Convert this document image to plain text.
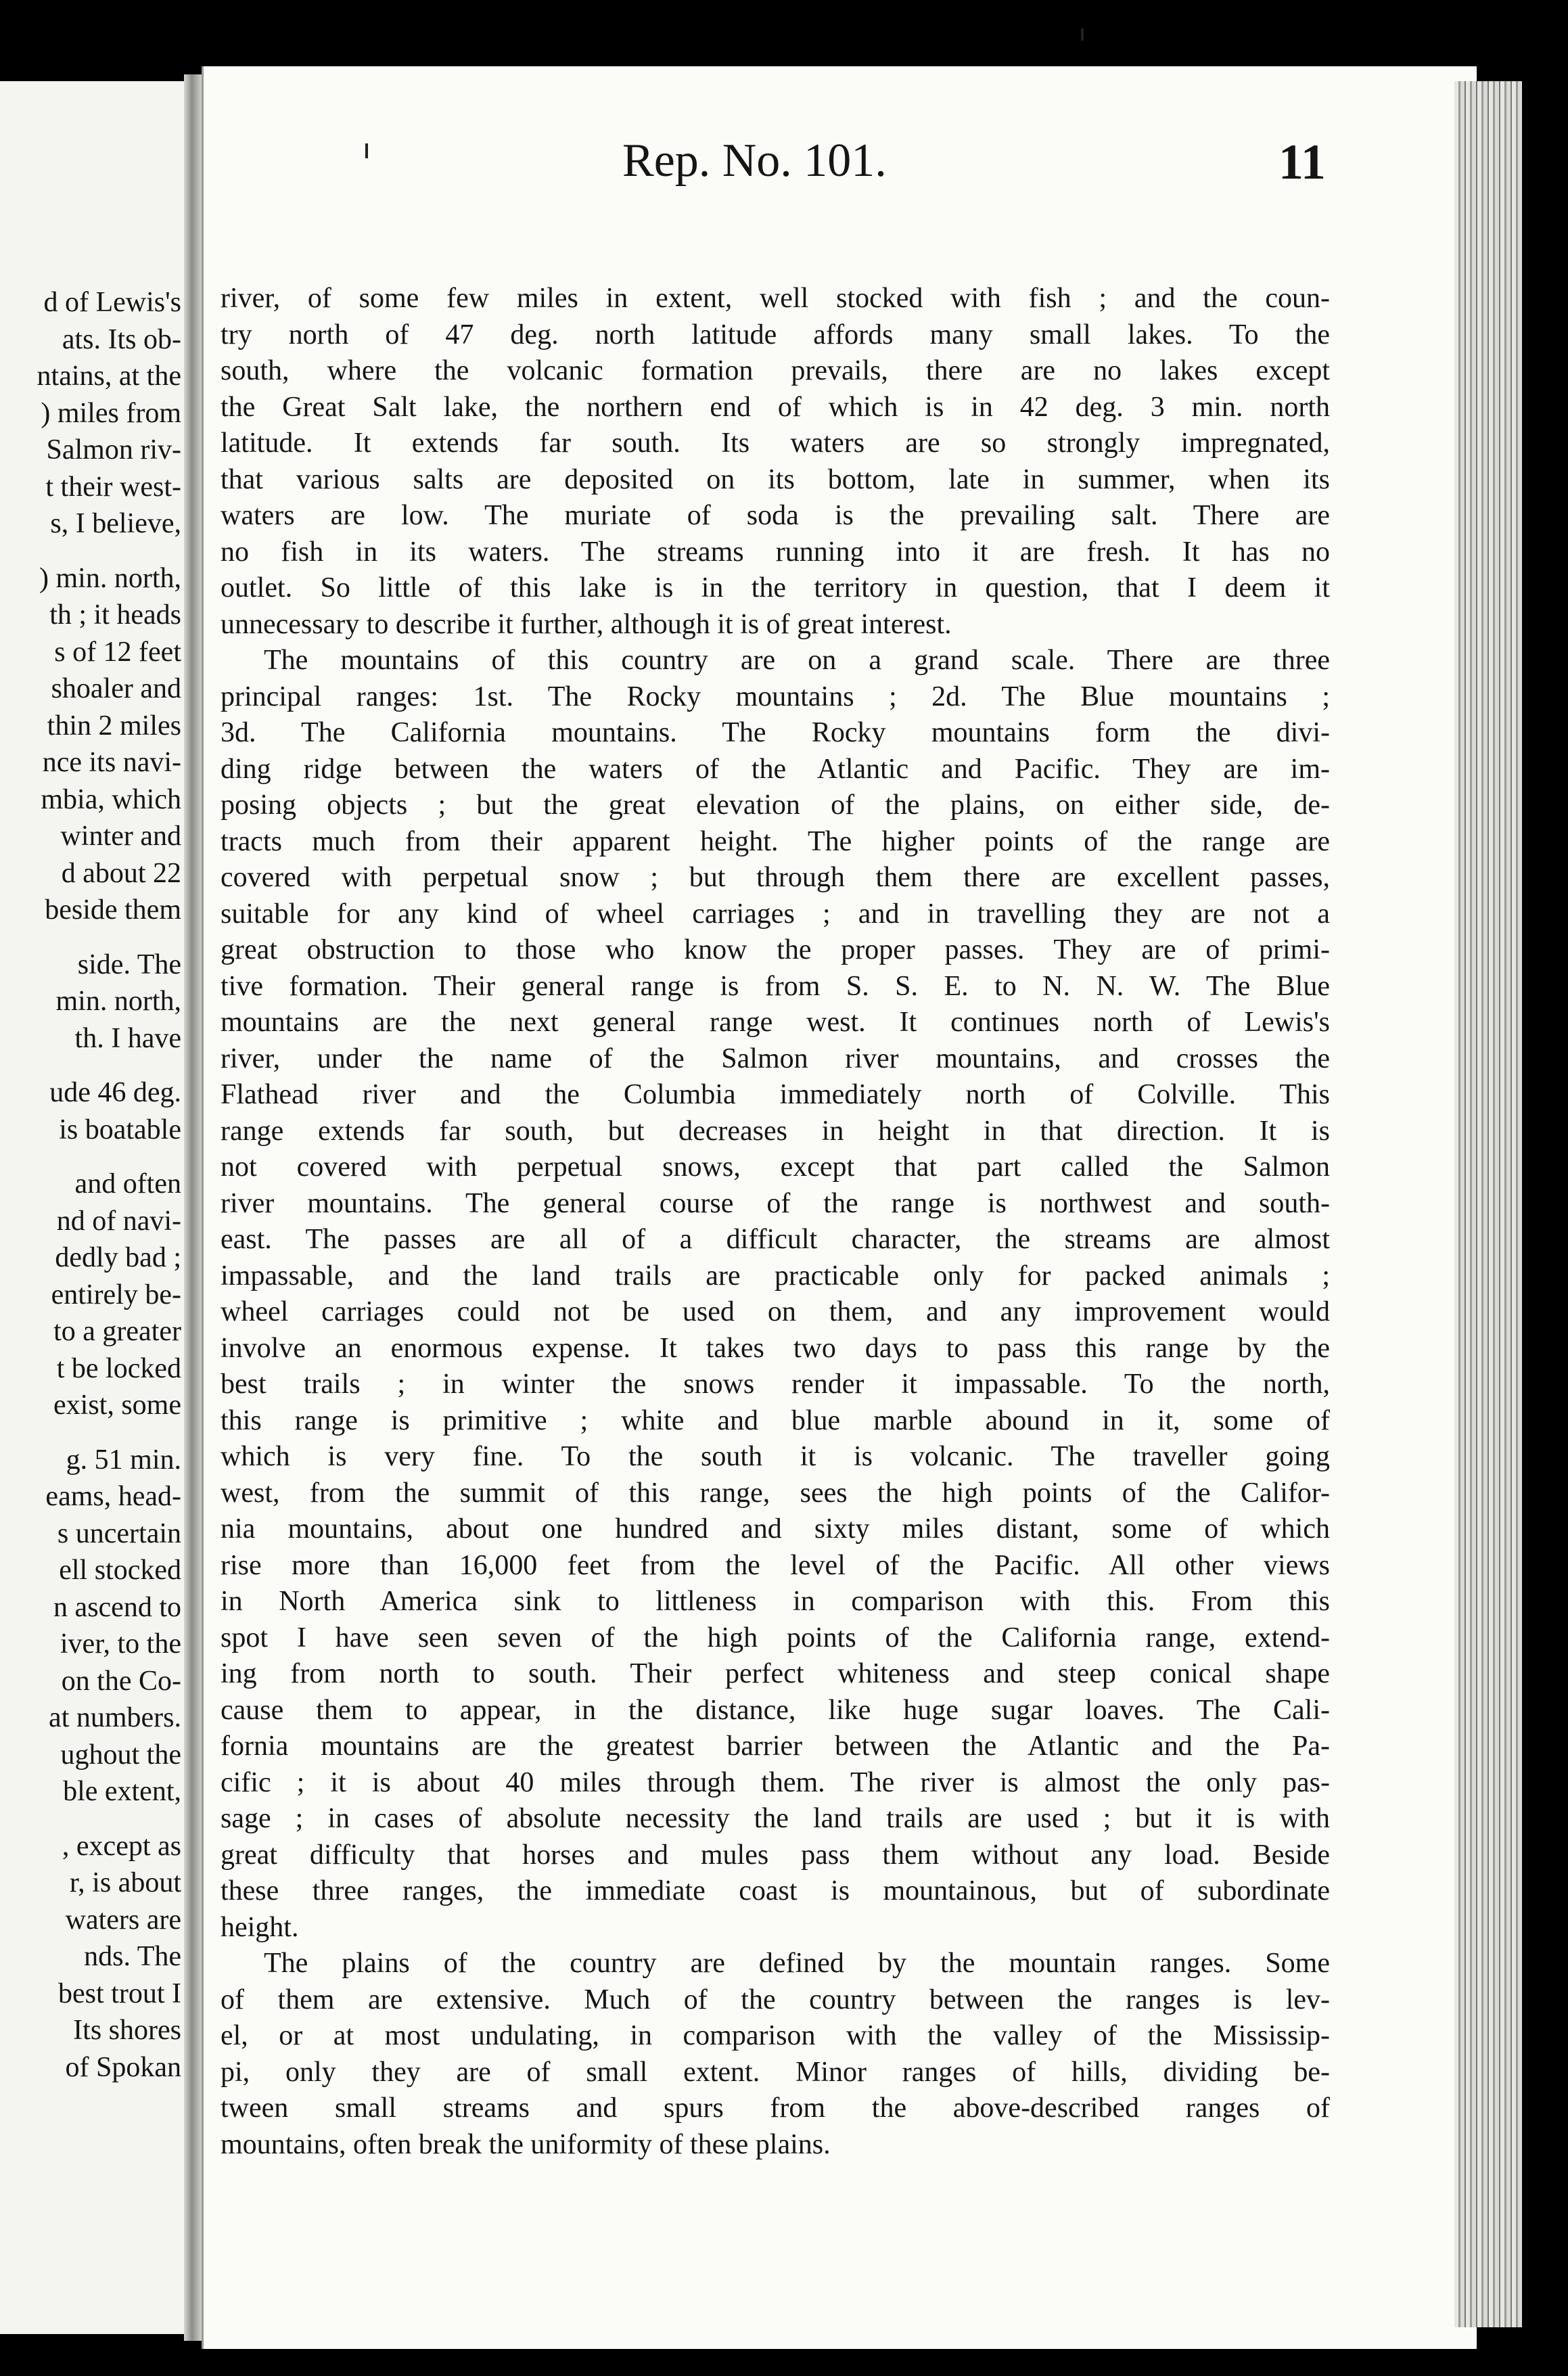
d of Lewis's
ats. Its ob-
ntains, at the
) miles from
Salmon riv-
t their west-
s, I believe,
) min. north,
th ; it heads
s of 12 feet
shoaler and
thin 2 miles
nce its navi-
mbia, which
winter and
d about 22
beside them
side. The
min. north,
th. I have
ude 46 deg.
is boatable
and often
nd of navi-
dedly bad ;
entirely be-
to a greater
t be locked
exist, some
g. 51 min.
eams, head-
s uncertain
ell stocked
n ascend to
iver, to the
on the Co-
at numbers.
ughout the
ble extent,
, except as
r, is about
waters are
nds. The
best trout I
Its shores
of Spokan
Rep. No. 101.	11
river, of some few miles in extent, well stocked with fish ; and the coun-
try north of 47 deg. north latitude affords many small lakes. To the
south, where the volcanic formation prevails, there are no lakes except
the Great Salt lake, the northern end of which is in 42 deg. 3 min. north
latitude. It extends far south. Its waters are so strongly impregnated,
that various salts are deposited on its bottom, late in summer, when its
waters are low. The muriate of soda is the prevailing salt. There are
no fish in its waters. The streams running into it are fresh. It has no
outlet. So little of this lake is in the territory in question, that I deem it
unnecessary to describe it further, although it is of great interest.
The mountains of this country are on a grand scale. There are three
principal ranges: 1st. The Rocky mountains ; 2d. The Blue mountains ;
3d. The California mountains. The Rocky mountains form the divi-
ding ridge between the waters of the Atlantic and Pacific. They are im-
posing objects ; but the great elevation of the plains, on either side, de-
tracts much from their apparent height. The higher points of the range are
covered with perpetual snow ; but through them there are excellent passes,
suitable for any kind of wheel carriages ; and in travelling they are not a
great obstruction to those who know the proper passes. They are of primi-
tive formation. Their general range is from S. S. E. to N. N. W. The Blue
mountains are the next general range west. It continues north of Lewis's
river, under the name of the Salmon river mountains, and crosses the
Flathead river and the Columbia immediately north of Colville. This
range extends far south, but decreases in height in that direction. It is
not covered with perpetual snows, except that part called the Salmon
river mountains. The general course of the range is northwest and south-
east. The passes are all of a difficult character, the streams are almost
impassable, and the land trails are practicable only for packed animals ;
wheel carriages could not be used on them, and any improvement would
involve an enormous expense. It takes two days to pass this range by the
best trails ; in winter the snows render it impassable. To the north,
this range is primitive ; white and blue marble abound in it, some of
which is very fine. To the south it is volcanic. The traveller going
west, from the summit of this range, sees the high points of the Califor-
nia mountains, about one hundred and sixty miles distant, some of which
rise more than 16,000 feet from the level of the Pacific. All other views
in North America sink to littleness in comparison with this. From this
spot I have seen seven of the high points of the California range, extend-
ing from north to south. Their perfect whiteness and steep conical shape
cause them to appear, in the distance, like huge sugar loaves. The Cali-
fornia mountains are the greatest barrier between the Atlantic and the Pa-
cific ; it is about 40 miles through them. The river is almost the only pas-
sage ; in cases of absolute necessity the land trails are used ; but it is with
great difficulty that horses and mules pass them without any load. Beside
these three ranges, the immediate coast is mountainous, but of subordinate
height.
The plains of the country are defined by the mountain ranges. Some
of them are extensive. Much of the country between the ranges is lev-
el, or at most undulating, in comparison with the valley of the Mississip-
pi, only they are of small extent. Minor ranges of hills, dividing be-
tween small streams and spurs from the above-described ranges of
mountains, often break the uniformity of these plains.
